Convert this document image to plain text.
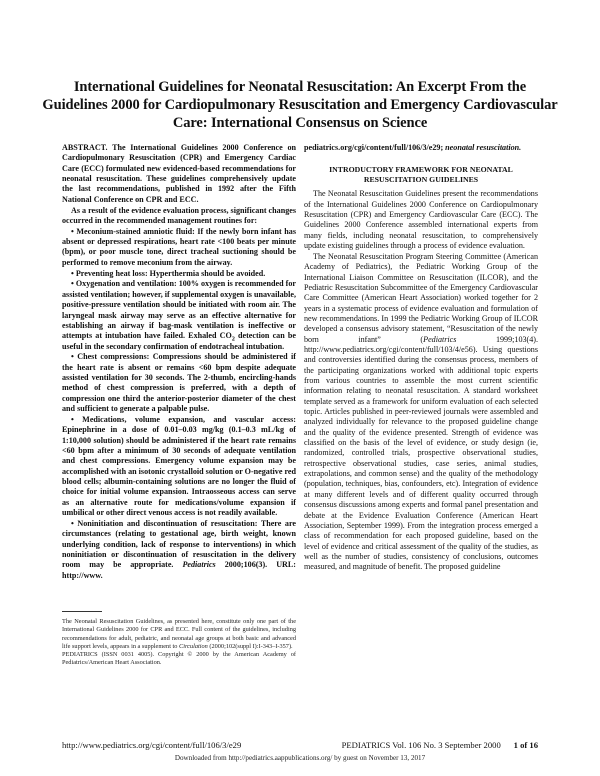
International Guidelines for Neonatal Resuscitation: An Excerpt From the Guidelines 2000 for Cardiopulmonary Resuscitation and Emergency Cardiovascular Care: International Consensus on Science

ABSTRACT. The International Guidelines 2000 Conference on Cardiopulmonary Resuscitation (CPR) and Emergency Cardiac Care (ECC) formulated new evidenced-based recommendations for neonatal resuscitation. These guidelines comprehensively update the last recommendations, published in 1992 after the Fifth National Conference on CPR and ECC.

As a result of the evidence evaluation process, significant changes occurred in the recommended management routines for:

• Meconium-stained amniotic fluid: If the newly born infant has absent or depressed respirations, heart rate <100 beats per minute (bpm), or poor muscle tone, direct tracheal suctioning should be performed to remove meconium from the airway.

• Preventing heat loss: Hyperthermia should be avoided.

• Oxygenation and ventilation: 100% oxygen is recommended for assisted ventilation; however, if supplemental oxygen is unavailable, positive-pressure ventilation should be initiated with room air. The laryngeal mask airway may serve as an effective alternative for establishing an airway if bag-mask ventilation is ineffective or attempts at intubation have failed. Exhaled $CO_2$ detection can be useful in the secondary confirmation of endotracheal intubation.

• Chest compressions: Compressions should be administered if the heart rate is absent or remains <60 bpm despite adequate assisted ventilation for 30 seconds. The 2-thumb, encircling-hands method of chest compression is preferred, with a depth of compression one third the anterior-posterior diameter of the chest and sufficient to generate a palpable pulse.

• Medications, volume expansion, and vascular access: Epinephrine in a dose of 0.01–0.03 mg/kg (0.1–0.3 mL/kg of 1:10,000 solution) should be administered if the heart rate remains <60 bpm after a minimum of 30 seconds of adequate ventilation and chest compressions. Emergency volume expansion may be accomplished with an isotonic crystalloid solution or O-negative red blood cells; albumin-containing solutions are no longer the fluid of choice for initial volume expansion. Intraosseous access can serve as an alternative route for medications/volume expansion if umbilical or other direct venous access is not readily available.

• Noninitiation and discontinuation of resuscitation: There are circumstances (relating to gestational age, birth weight, known underlying condition, lack of response to interventions) in which noninitiation or discontinuation of resuscitation in the delivery room may be appropriate. Pediatrics 2000;106(3). URL: http://www.

The Neonatal Resuscitation Guidelines, as presented here, constitute only one part of the International Guidelines 2000 for CPR and ECC. Full content of the guidelines, including recommendations for adult, pediatric, and neonatal age groups at both basic and advanced life support levels, appears in a supplement to Circulation (2000;102(suppl I):I-343–I-357).
PEDIATRICS (ISSN 0031 4005). Copyright © 2000 by the American Academy of Pediatrics/American Heart Association.

pediatrics.org/cgi/content/full/106/3/e29; neonatal resuscitation.

INTRODUCTORY FRAMEWORK FOR NEONATAL RESUSCITATION GUIDELINES

The Neonatal Resuscitation Guidelines present the recommendations of the International Guidelines 2000 Conference on Cardiopulmonary Resuscitation (CPR) and Emergency Cardiovascular Care (ECC). The Guidelines 2000 Conference assembled international experts from many fields, including neonatal resuscitation, to comprehensively update existing guidelines through a process of evidence evaluation.

The Neonatal Resuscitation Program Steering Committee (American Academy of Pediatrics), the Pediatric Working Group of the International Liaison Committee on Resuscitation (ILCOR), and the Pediatric Resuscitation Subcommittee of the Emergency Cardiovascular Care Committee (American Heart Association) worked together for 2 years in a systematic process of evidence evaluation and formulation of new recommendations. In 1999 the Pediatric Working Group of ILCOR developed a consensus advisory statement, “Resuscitation of the newly born infant” (Pediatrics 1999;103(4). http://www.pediatrics.org/cgi/content/full/103/4/e56). Using questions and controversies identified during the consensus process, members of the participating organizations worked with additional topic experts from various countries to assemble the most current scientific information relating to neonatal resuscitation. A standard worksheet template served as a framework for uniform evaluation of each selected topic. Articles published in peer-reviewed journals were assembled and analyzed individually for relevance to the proposed guideline change and the quality of the evidence presented. Strength of evidence was classified on the basis of the level of evidence, or study design (ie, randomized, controlled trials, prospective observational studies, retrospective observational studies, case series, animal studies, extrapolations, and common sense) and the quality of the methodology (population, techniques, bias, confounders, etc). Integration of evidence at many different levels and of different quality occurred through consensus discussions among experts and formal panel presentation and debate at the Evidence Evaluation Conference (American Heart Association, September 1999). From the integration process emerged a class of recommendation for each proposed guideline, based on the level of evidence and critical assessment of the quality of the studies, as well as the number of studies, consistency of conclusions, outcomes measured, and magnitude of benefit. The proposed guideline

http://www.pediatrics.org/cgi/content/full/106/3/e29	PEDIATRICS Vol. 106 No. 3 September 2000 1 of 16
Downloaded from http://pediatrics.aappublications.org/ by guest on November 13, 2017
